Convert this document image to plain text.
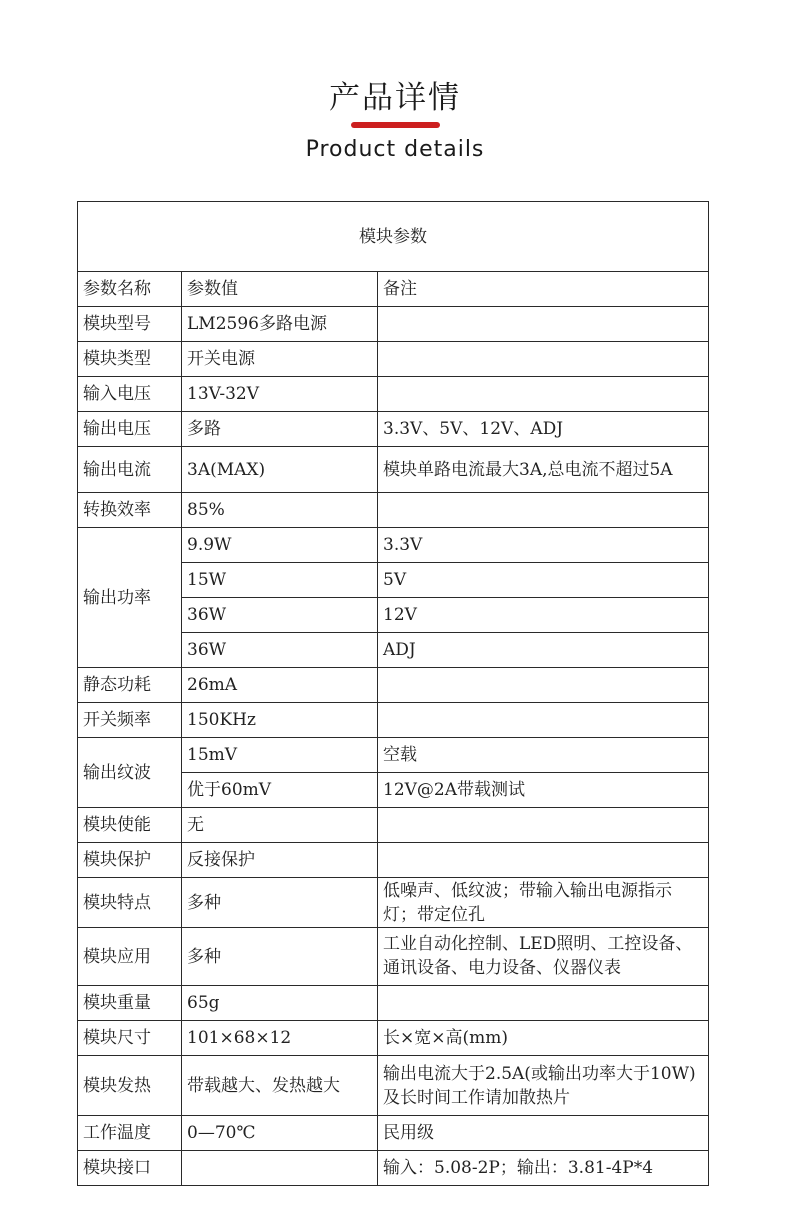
产品详情
Product details
模块参数		
参数名称	参数值	备注
模块型号	LM2596多路电源	
模块类型	开关电源	
输入电压	13V-32V	
输出电压	多路	3.3V、5V、12V、ADJ
输出电流	3A(MAX)	模块单路电流最大3A,总电流不超过5A
转换效率	85%	
输出功率	9.9W	3.3V
	15W	5V
	36W	12V
	36W	ADJ
静态功耗	26mA	
开关频率	150KHz	
输出纹波	15mV	空载
	优于60mV	12V@2A带载测试
模块使能	无	
模块保护	反接保护	
模块特点	多种	低噪声、低纹波；带输入输出电源指示灯；带定位孔
模块应用	多种	工业自动化控制、LED照明、工控设备、通讯设备、电力设备、仪器仪表

模块重量	65g	
模块尺寸	101×68×12	长×宽×高(mm)
模块发热	带载越大、发热越大	输出电流大于2.5A(或输出功率大于10W)及长时间工作请加散热片
工作温度	0—70℃	民用级
模块接口		输入：5.08-2P；输出：3.81-4P*4
